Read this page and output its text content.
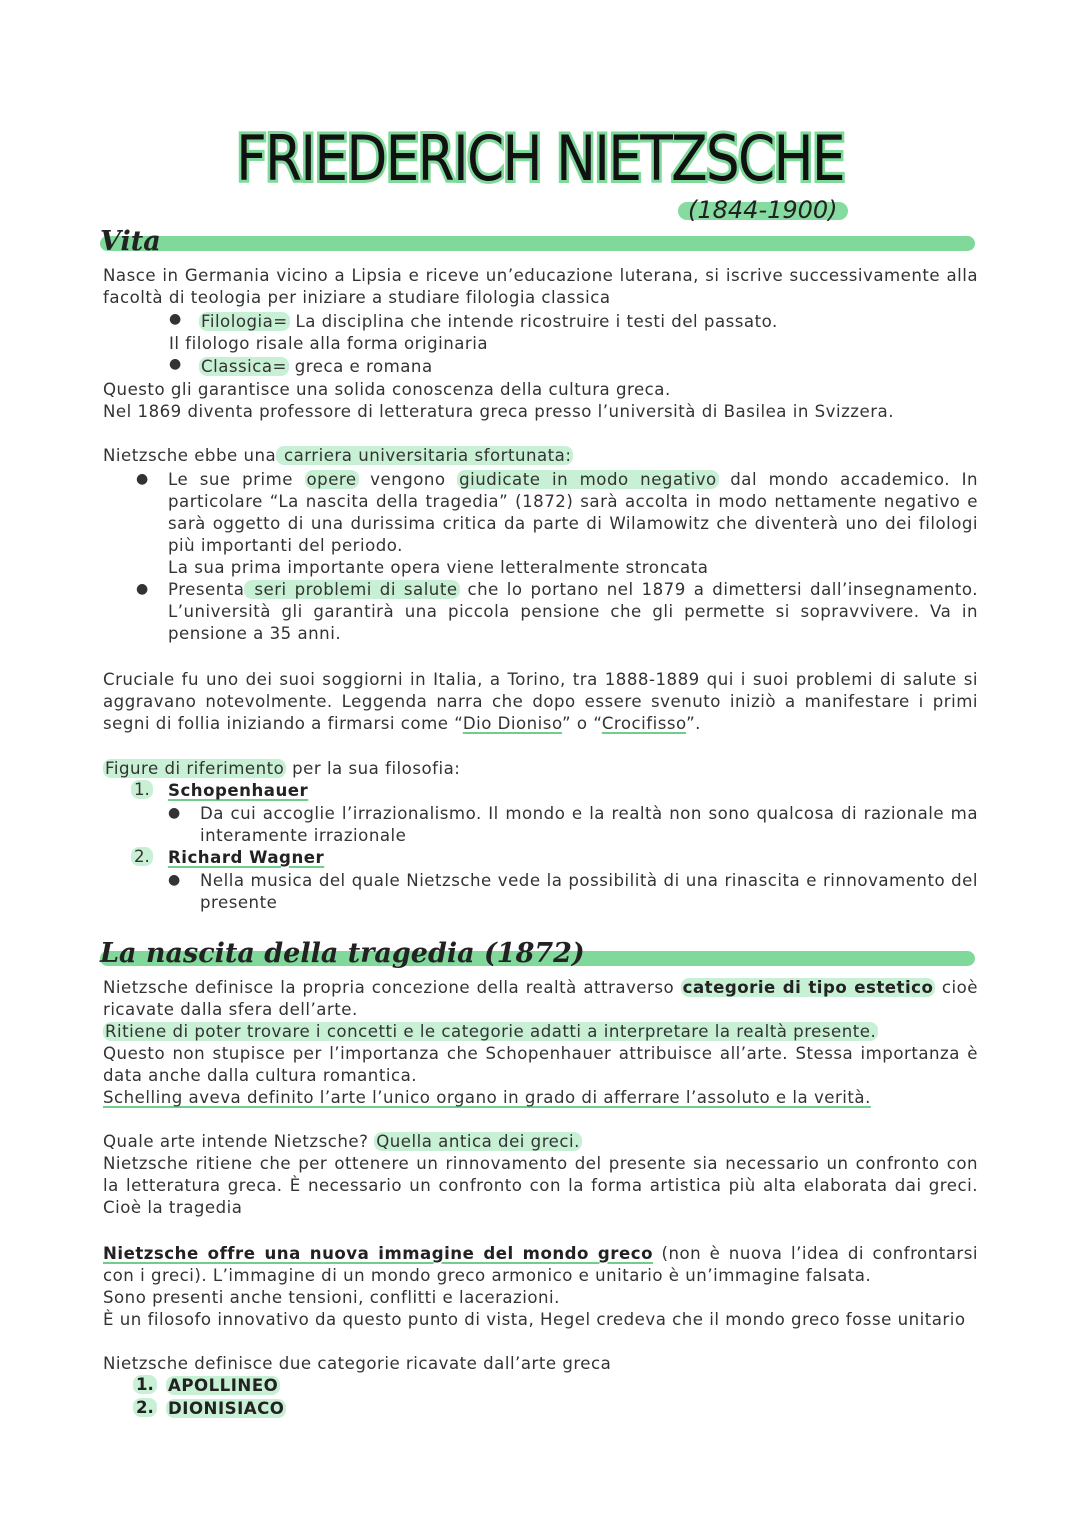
FRIEDERICH NIETZSCHE
(1844-1900)
Vita

Nasce in Germania vicino a Lipsia e riceve un’educazione luterana, si iscrive successivamente alla facoltà di teologia per iniziare a studiare filologia classica

● Filologia= La disciplina che intende ricostruire i testi del passato.

Il filologo risale alla forma originaria

● Classica= greca e romana

Questo gli garantisce una solida conoscenza della cultura greca.

Nel 1869 diventa professore di letteratura greca presso l’università di Basilea in Svizzera.

Nietzsche ebbe una carriera universitaria sfortunata:

● Le sue prime opere vengono giudicate in modo negativo dal mondo accademico. In particolare “La nascita della tragedia” (1872) sarà accolta in modo nettamente negativo e sarà oggetto di una durissima critica da parte di Wilamowitz che diventerà uno dei filologi più importanti del periodo.

La sua prima importante opera viene letteralmente stroncata

● Presenta seri problemi di salute che lo portano nel 1879 a dimettersi dall’insegnamento. L’università gli garantirà una piccola pensione che gli permette si sopravvivere. Va in pensione a 35 anni.

Cruciale fu uno dei suoi soggiorni in Italia, a Torino, tra 1888-1889 qui i suoi problemi di salute si aggravano notevolmente. Leggenda narra che dopo essere svenuto iniziò a manifestare i primi segni di follia iniziando a firmarsi come “Dio Dioniso” o “Crocifisso”.

Figure di riferimento per la sua filosofia:

1. Schopenhauer

● Da cui accoglie l’irrazionalismo. Il mondo e la realtà non sono qualcosa di razionale ma interamente irrazionale

2. Richard Wagner

● Nella musica del quale Nietzsche vede la possibilità di una rinascita e rinnovamento del presente

La nascita della tragedia (1872)

Nietzsche definisce la propria concezione della realtà attraverso categorie di tipo estetico cioè ricavate dalla sfera dell’arte.

Ritiene di poter trovare i concetti e le categorie adatti a interpretare la realtà presente.

Questo non stupisce per l’importanza che Schopenhauer attribuisce all’arte. Stessa importanza è data anche dalla cultura romantica.

Schelling aveva definito l’arte l’unico organo in grado di afferrare l’assoluto e la verità.

Quale arte intende Nietzsche? Quella antica dei greci.

Nietzsche ritiene che per ottenere un rinnovamento del presente sia necessario un confronto con la letteratura greca. È necessario un confronto con la forma artistica più alta elaborata dai greci. Cioè la tragedia

Nietzsche offre una nuova immagine del mondo greco (non è nuova l’idea di confrontarsi con i greci). L’immagine di un mondo greco armonico e unitario è un’immagine falsata.

Sono presenti anche tensioni, conflitti e lacerazioni.

È un filosofo innovativo da questo punto di vista, Hegel credeva che il mondo greco fosse unitario

Nietzsche definisce due categorie ricavate dall’arte greca

1. APOLLINEO

2. DIONISIACO
